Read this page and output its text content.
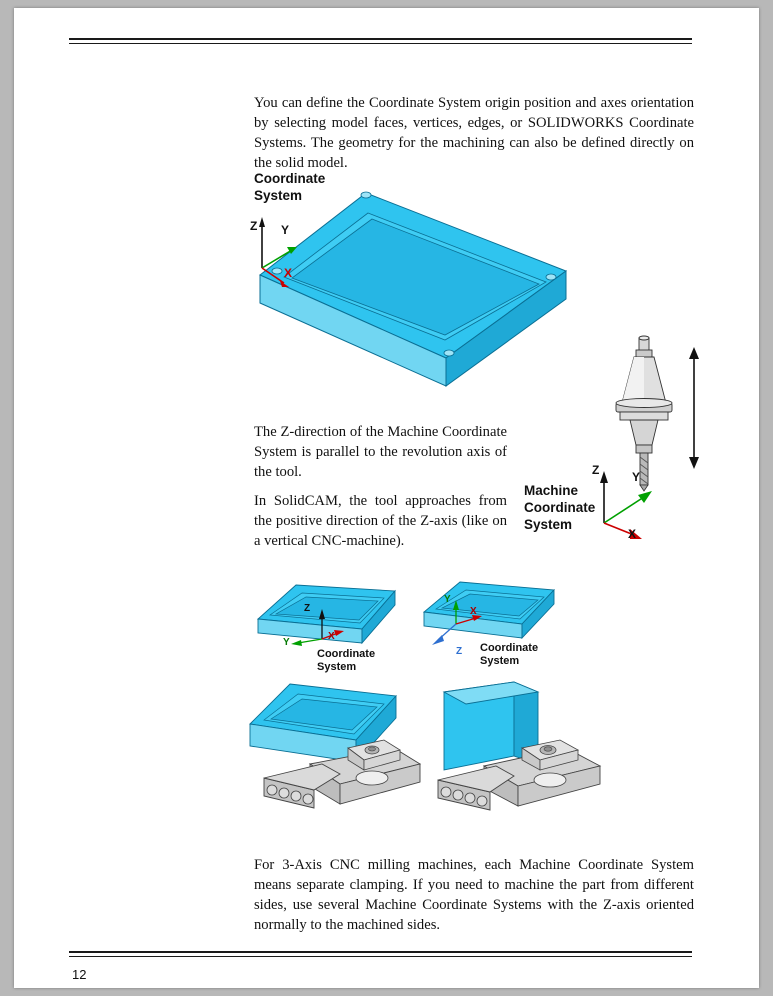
You can define the Coordinate System origin position and axes orientation by selecting model faces, vertices, edges, or SOLIDWORKS Coordinate Systems. The geometry for the machining can also be defined directly on the solid model.

Coordinate System
Z Y
X

The Z-direction of the Machine Coordinate System is parallel to the revolution axis of the tool.

In SolidCAM, the tool approaches from the positive direction of the Z-axis (like on a vertical CNC-machine).

Z	Y
X
Machine Coordinate System
Z
Y
X
Coordinate System
Y
X
Z Coordinate System

For 3-Axis CNC milling machines, each Machine Coordinate System means separate clamping. If you need to machine the part from different sides, use several Machine Coordinate Systems with the Z-axis oriented normally to the machined sides.

12
